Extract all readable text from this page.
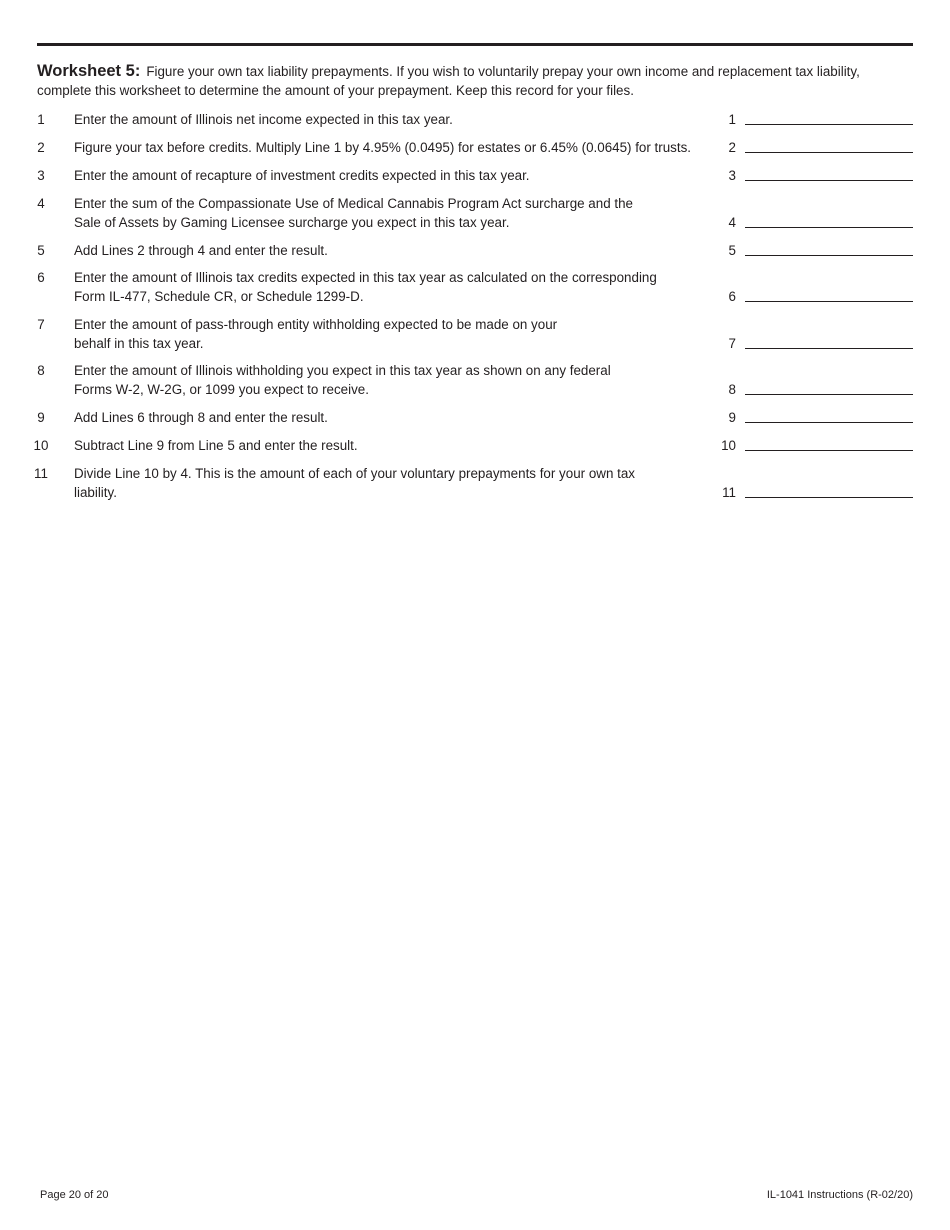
Worksheet 5: Figure your own tax liability prepayments. If you wish to voluntarily prepay your own income and replacement tax liability, complete this worksheet to determine the amount of your prepayment. Keep this record for your files.
1	Enter the amount of Illinois net income expected in this tax year.	1
2	Figure your tax before credits. Multiply Line 1 by 4.95% (0.0495) for estates or 6.45% (0.0645) for trusts.	2
3	Enter the amount of recapture of investment credits expected in this tax year.	3
4	Enter the sum of the Compassionate Use of Medical Cannabis Program Act surcharge and the
Sale of Assets by Gaming Licensee surcharge you expect in this tax year.	4
5	Add Lines 2 through 4 and enter the result.	5
6	Enter the amount of Illinois tax credits expected in this tax year as calculated on the corresponding
Form IL-477, Schedule CR, or Schedule 1299-D.	6
7	Enter the amount of pass-through entity withholding expected to be made on your
behalf in this tax year.	7
8	Enter the amount of Illinois withholding you expect in this tax year as shown on any federal
Forms W-2, W-2G, or 1099 you expect to receive.	8
9	Add Lines 6 through 8 and enter the result.	9
10	Subtract Line 9 from Line 5 and enter the result.	10
11	Divide Line 10 by 4. This is the amount of each of your voluntary prepayments for your own tax
liability.	11
Page 20 of 20	IL-1041 Instructions (R-02/20)
